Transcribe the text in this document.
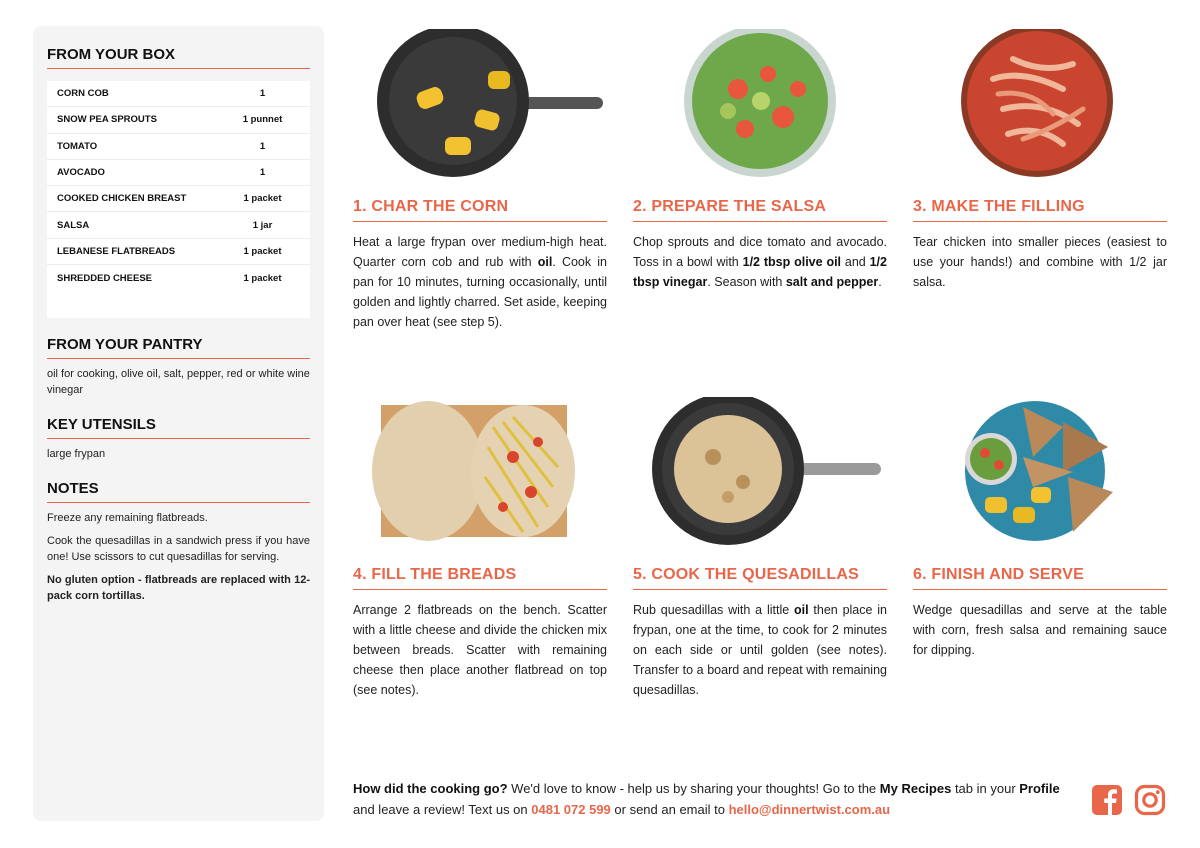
FROM YOUR BOX
CORN COB	1
SNOW PEA SPROUTS	1 punnet
TOMATO	1
AVOCADO	1
COOKED CHICKEN BREAST	1 packet
SALSA	1 jar
LEBANESE FLATBREADS	1 packet
SHREDDED CHEESE	1 packet
FROM YOUR PANTRY
oil for cooking, olive oil, salt, pepper, red or white wine vinegar
KEY UTENSILS
large frypan
NOTES
Freeze any remaining flatbreads.
Cook the quesadillas in a sandwich press if you have one! Use scissors to cut quesadillas for serving.
No gluten option - flatbreads are replaced with 12-pack corn tortillas.
1. CHAR THE CORN
Heat a large frypan over medium-high heat. Quarter corn cob and rub with oil. Cook in pan for 10 minutes, turning occasionally, until golden and lightly charred. Set aside, keeping pan over heat (see step 5).
2. PREPARE THE SALSA
Chop sprouts and dice tomato and avocado. Toss in a bowl with 1/2 tbsp olive oil and 1/2 tbsp vinegar. Season with salt and pepper.
3. MAKE THE FILLING
Tear chicken into smaller pieces (easiest to use your hands!) and combine with 1/2 jar salsa.
4. FILL THE BREADS
Arrange 2 flatbreads on the bench. Scatter with a little cheese and divide the chicken mix between breads. Scatter with remaining cheese then place another flatbread on top (see notes).
5. COOK THE QUESADILLAS
Rub quesadillas with a little oil then place in frypan, one at the time, to cook for 2 minutes on each side or until golden (see notes). Transfer to a board and repeat with remaining quesadillas.
6. FINISH AND SERVE
Wedge quesadillas and serve at the table with corn, fresh salsa and remaining sauce for dipping.
How did the cooking go? We'd love to know - help us by sharing your thoughts! Go to the My Recipes tab in your Profile and leave a review! Text us on 0481 072 599 or send an email to hello@dinnertwist.com.au
